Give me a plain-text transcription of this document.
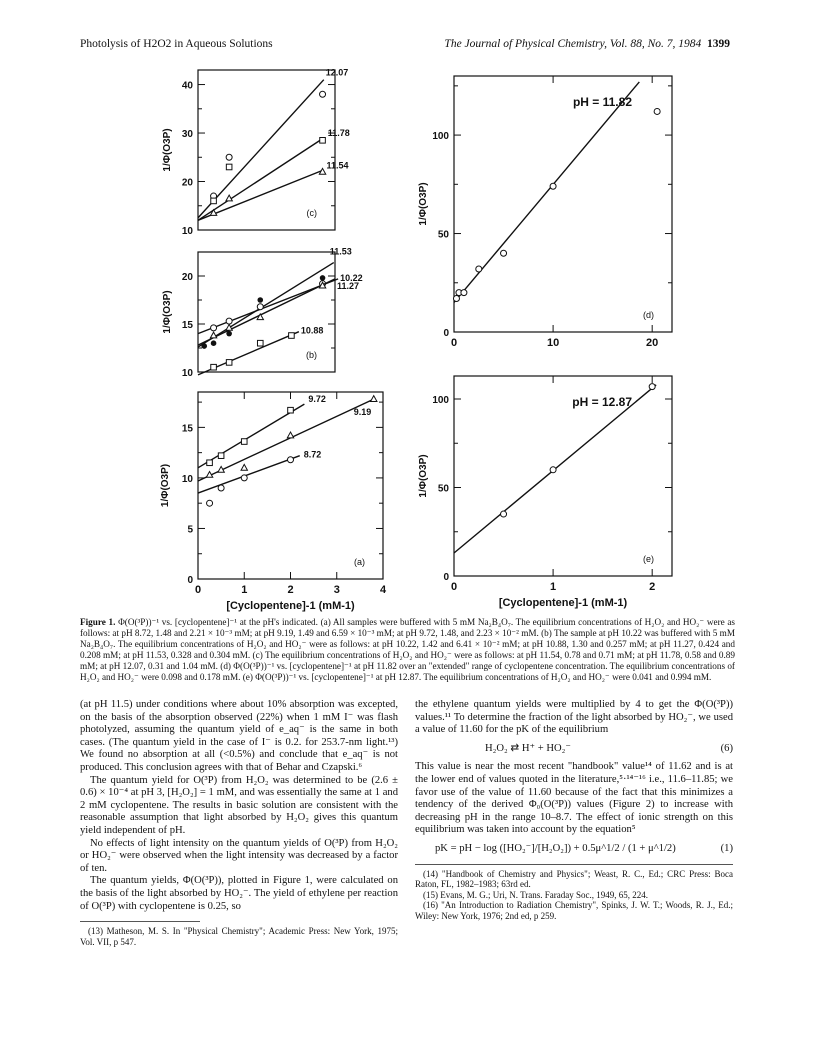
Photolysis of H2O2 in Aqueous Solutions	The Journal of Physical Chemistry, Vol. 88, No. 7, 1984 1399
10
20
30
40
1/Φ(O3P)
(c)
12.07
11.78
11.54
10
15
20
1/Φ(O3P)
(b)
11.53
10.22
11.27
10.88
0
5
10
15
0	1	2	3	4
1/Φ(O3P)
[Cyclopentene]-1 (mM-1)
(a)
9.72
9.19
8.72
0
50
100
0	10	20
1/Φ(O3P)
pH = 11.82
(d)
0
50
100
0	1	2
1/Φ(O3P)
[Cyclopentene]-1 (mM-1)
pH = 12.87
(e)
Figure 1. Φ(O(³P))⁻¹ vs. [cyclopentene]⁻¹ at the pH's indicated. (a) All samples were buffered with 5 mM Na₂B₄O₇. The equilibrium concentrations of H₂O₂ and HO₂⁻ were as follows: at pH 8.72, 1.48 and 2.21 × 10⁻³ mM; at pH 9.19, 1.49 and 6.59 × 10⁻³ mM; at pH 9.72, 1.48, and 2.23 × 10⁻² mM. (b) The sample at pH 10.22 was buffered with 5 mM Na₂B₄O₇. The equilibrium concentrations of H₂O₂ and HO₂⁻ were as follows: at pH 10.22, 1.42 and 6.41 × 10⁻² mM; at pH 10.88, 1.30 and 0.257 mM; at pH 11.27, 0.424 and 0.208 mM; at pH 11.53, 0.328 and 0.304 mM. (c) The equilibrium concentrations of H₂O₂ and HO₂⁻ were as follows: at pH 11.54, 0.78 and 0.71 mM; at pH 11.78, 0.58 and 0.89 mM; at pH 12.07, 0.31 and 1.04 mM. (d) Φ(O(³P))⁻¹ vs. [cyclopentene]⁻¹ at pH 11.82 over an "extended" range of cyclopentene concentration. The equilibrium concentrations of H₂O₂ and HO₂⁻ were 0.098 and 0.178 mM. (e) Φ(O(³P))⁻¹ vs. [cyclopentene]⁻¹ at pH 12.87. The equilibrium concentrations of H₂O₂ and HO₂⁻ were 0.041 and 0.994 mM.

(at pH 11.5) under conditions where about 10% absorption was excepted, on the basis of the absorption observed (22%) when 1 mM I⁻ was flash photolyzed, assuming the quantum yield of e_aq⁻ is the same in both cases. (The quantum yield in the case of I⁻ is 0.2. for 253.7-nm light.¹³) We found no absorption at all (<0.5%) and conclude that e_aq⁻ is not produced. This conclusion agrees with that of Behar and Czapski.⁶

The quantum yield for O(³P) from H₂O₂ was determined to be (2.6 ± 0.6) × 10⁻⁴ at pH 3, [H₂O₂] = 1 mM, and was essentially the same at 1 and 2 mM cyclopentene. The results in basic solution are consistent with the reasonable assumption that light absorbed by H₂O₂ gives this quantum yield independent of pH.

No effects of light intensity on the quantum yields of O(³P) from H₂O₂ or HO₂⁻ were observed when the light intensity was decreased by a factor of ten.

The quantum yields, Φ(O(³P)), plotted in Figure 1, were calculated on the basis of the light absorbed by HO₂⁻. The yield of ethylene per reaction of O(³P) with cyclopentene is 0.25, so

(13) Matheson, M. S. In "Physical Chemistry"; Academic Press: New York, 1975; Vol. VII, p 547.

the ethylene quantum yields were multiplied by 4 to get the Φ(O(³P)) values.¹¹ To determine the fraction of the light absorbed by HO₂⁻, we used a value of 11.60 for the pK of the equilibrium

H₂O₂ ⇄ H⁺ + HO₂⁻	(6)

This value is near the most recent "handbook" value¹⁴ of 11.62 and is at the lower end of values quoted in the literature,⁵·¹⁴⁻¹⁶ i.e., 11.6–11.85; we favor use of the value of 11.60 because of the fact that this minimizes a tendency of the derived Φ₀(O(³P)) values (Figure 2) to increase with decreasing pH in the range 10–8.7. The effect of ionic strength on this equilibrium was taken into account by the equation⁵

pK = pH − log ([HO₂⁻]/[H₂O₂]) + 0.5μ^1/2 / (1 + μ^1/2)	(1)

(14) "Handbook of Chemistry and Physics"; Weast, R. C., Ed.; CRC Press: Boca Raton, FL, 1982–1983; 63rd ed.

(15) Evans, M. G.; Uri, N. Trans. Faraday Soc., 1949, 65, 224.

(16) "An Introduction to Radiation Chemistry", Spinks, J. W. T.; Woods, R. J., Ed.; Wiley: New York, 1976; 2nd ed, p 259.
